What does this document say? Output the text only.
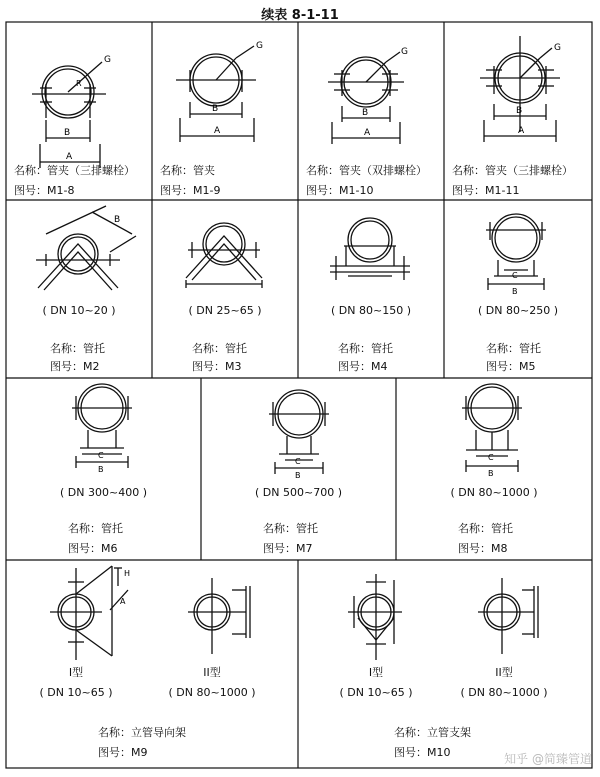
续表 8-1-11
G
R
B
A
名称：管夹（三排螺栓）
图号：M1-8
G
B
A
名称：管夹
图号：M1-9
G
B
A
名称：管夹（双排螺栓）
图号：M1-10
G
B
A
名称：管夹（三排螺栓）
图号：M1-11
B
( DN 10~20 )
名称：管托
图号：M2
( DN 25~65 )
名称：管托
图号：M3
( DN 80~150 )
名称：管托
图号：M4
C
B
( DN 80~250 )
名称：管托
图号：M5
C
B
( DN 300~400 )
名称：管托
图号：M6
C
B
( DN 500~700 )
名称：管托
图号：M7
C
B
( DN 80~1000 )
名称：管托
图号：M8
H
A
I型
( DN 10~65 )
II型
( DN 80~1000 )
名称：立管导向架
图号：M9
I型
( DN 10~65 )
II型
( DN 80~1000 )
名称：立管支架
图号：M10	知乎 @简臻管道
